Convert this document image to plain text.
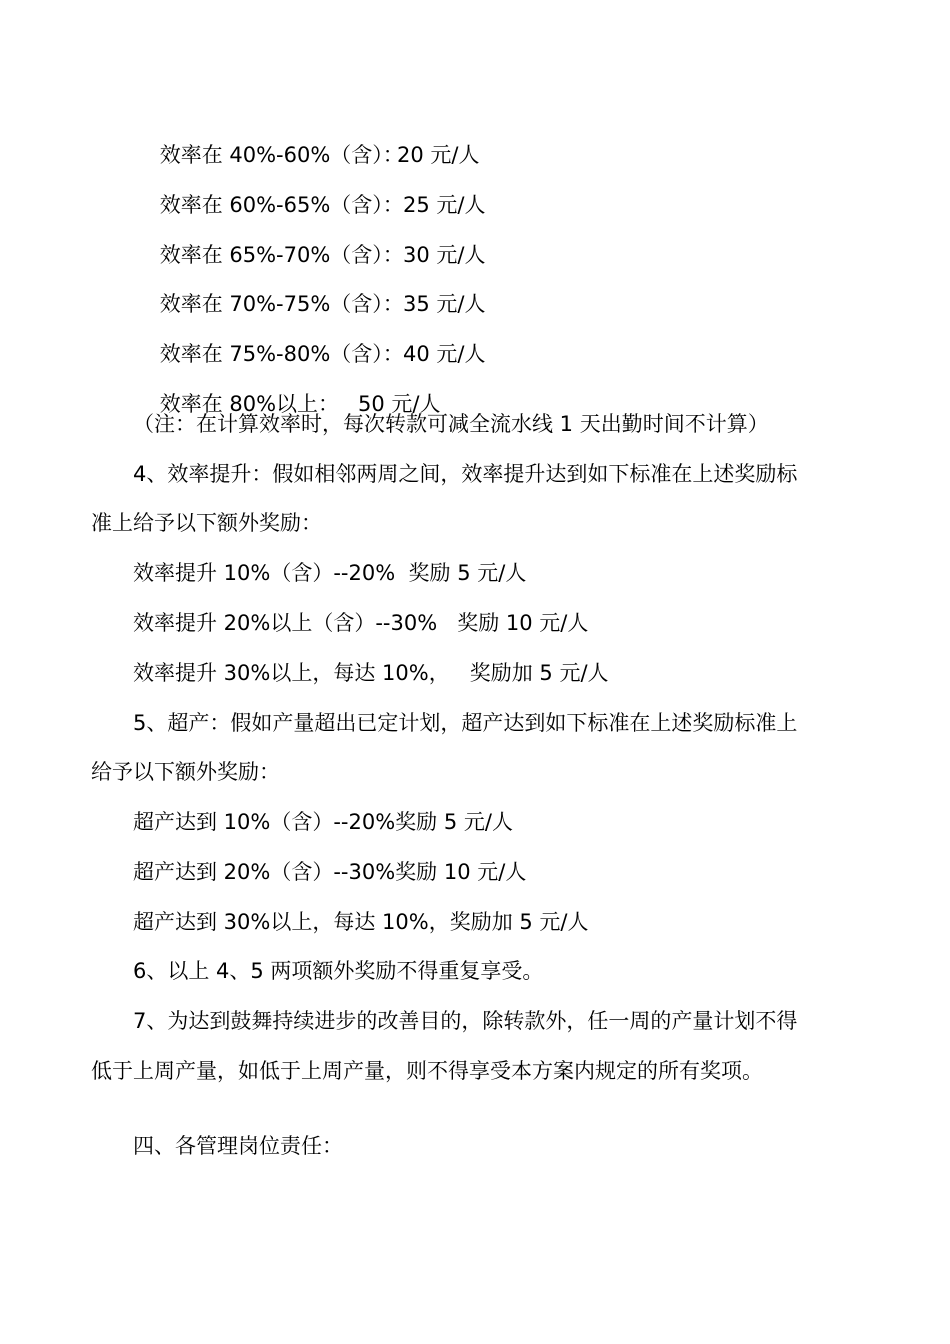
效率在 40%-60%（含）：
20 元/人

效率在 60%-65%（含）： 25 元/人

效率在 65%-70%（含）： 30 元/人

效率在 70%-75%（含）： 35 元/人

效率在 75%-80%（含）： 40 元/人

效率在 80%以上： 50 元/人

（注：在计算效率时，每次转款可减全流水线 1 天出勤时间不计算）
4、效率提升：假如相邻两周之间，效率提升达到如下标准在上述奖励标
准上给予以下额外奖励：
效率提升 10%（含）--20%  奖励 5 元/人
效率提升 20%以上（含）--30%   奖励 10 元/人
效率提升 30%以上，每达 10%，   奖励加 5 元/人
5、超产：假如产量超出已定计划，超产达到如下标准在上述奖励标准上
给予以下额外奖励：
超产达到 10%（含）--20%奖励 5 元/人
超产达到 20%（含）--30%奖励 10 元/人
超产达到 30%以上，每达 10%，奖励加 5 元/人
6、以上 4、5 两项额外奖励不得重复享受。
7、为达到鼓舞持续进步的改善目的，除转款外，任一周的产量计划不得
低于上周产量，如低于上周产量，则不得享受本方案内规定的所有奖项。
四、各管理岗位责任：
